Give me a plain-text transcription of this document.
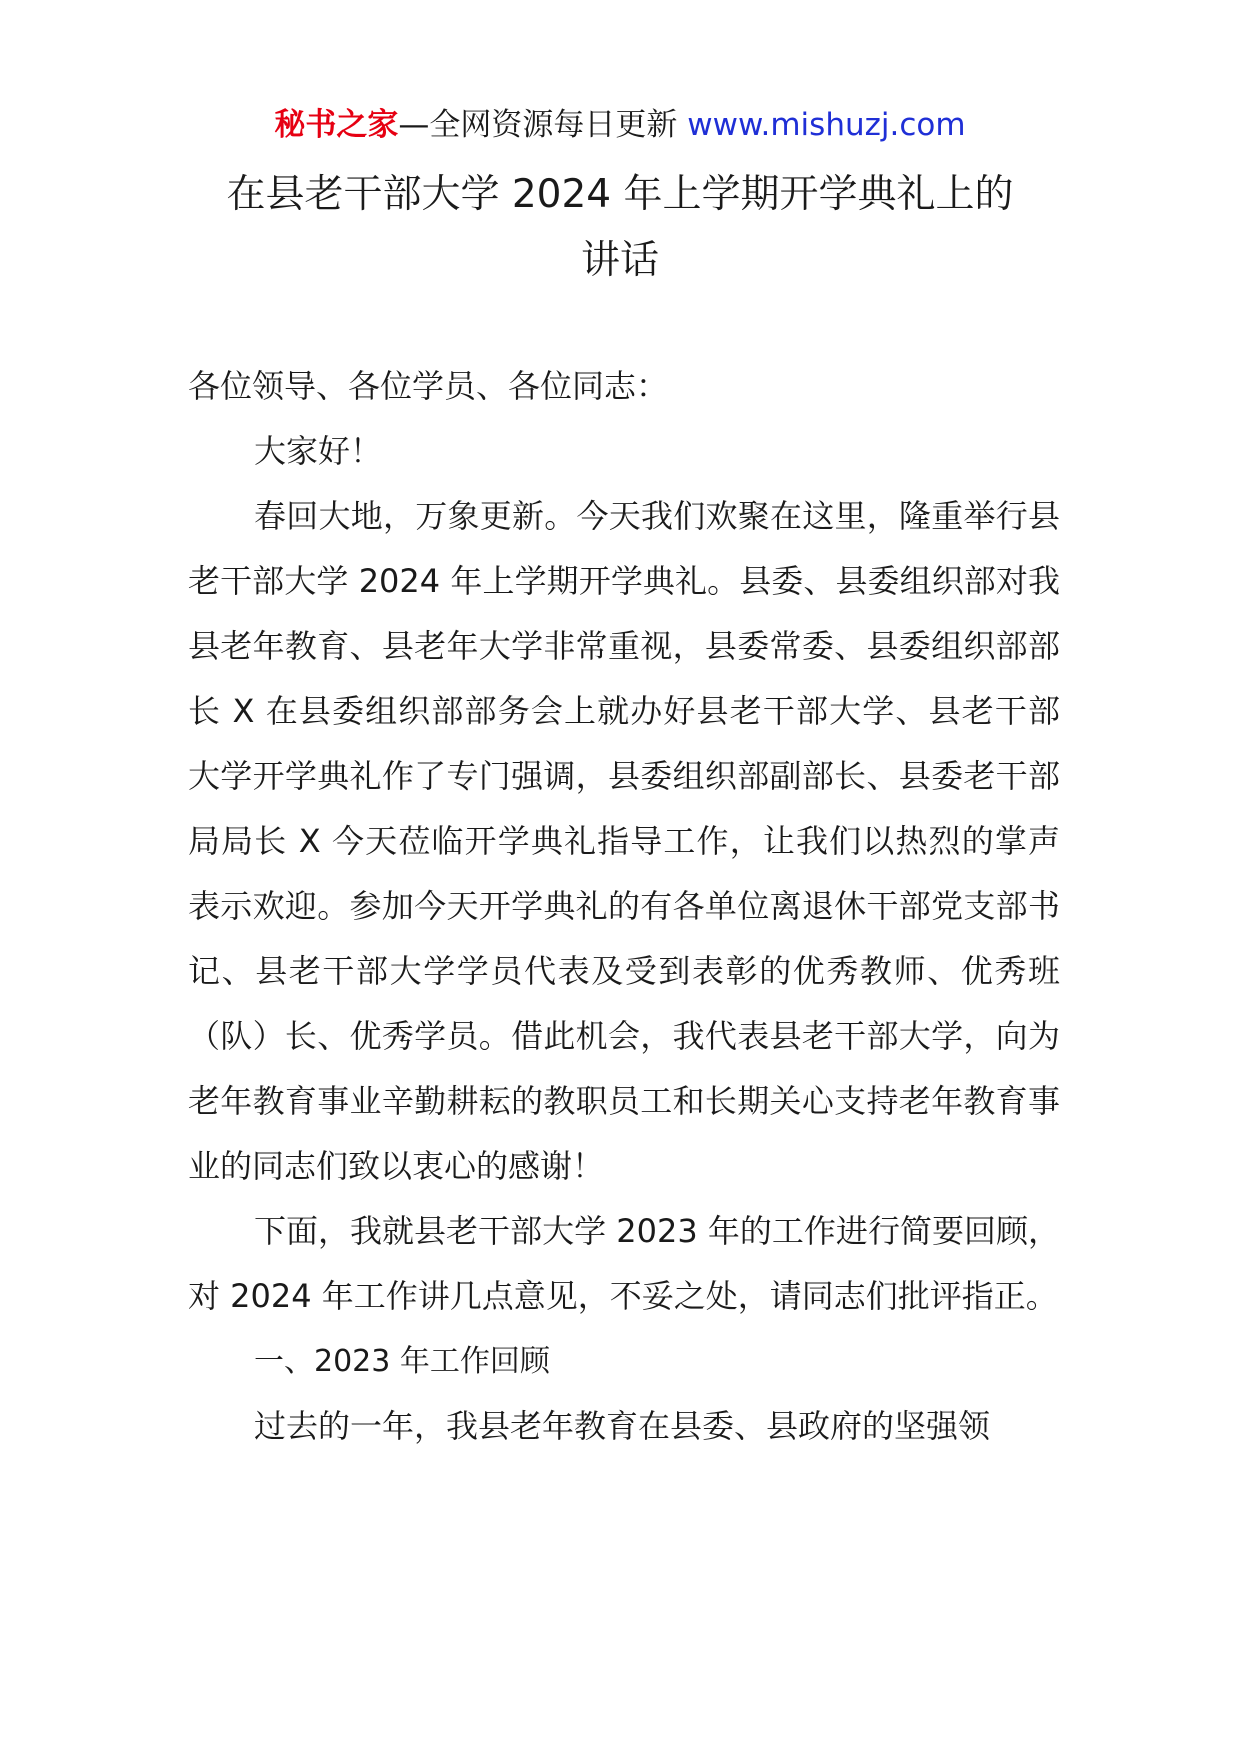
秘书之家—全网资源每日更新 www.mishuzj.com
在县老干部大学 2024 年上学期开学典礼上的
讲话

各位领导、各位学员、各位同志：

大家好！

春回大地，万象更新。今天我们欢聚在这里，隆重举行县老干部大学 2024 年上学期开学典礼。县委、县委组织部对我县老年教育、县老年大学非常重视，县委常委、县委组织部部长 X 在县委组织部部务会上就办好县老干部大学、县老干部大学开学典礼作了专门强调，县委组织部副部长、县委老干部局局长 X 今天莅临开学典礼指导工作，让我们以热烈的掌声表示欢迎。参加今天开学典礼的有各单位离退休干部党支部书记、县老干部大学学员代表及受到表彰的优秀教师、优秀班（队）长、优秀学员。借此机会，我代表县老干部大学，向为老年教育事业辛勤耕耘的教职员工和长期关心支持老年教育事业的同志们致以衷心的感谢！

下面，我就县老干部大学 2023 年的工作进行简要回顾，对 2024 年工作讲几点意见，不妥之处，请同志们批评指正。

一、2023 年工作回顾

过去的一年，我县老年教育在县委、县政府的坚强领
